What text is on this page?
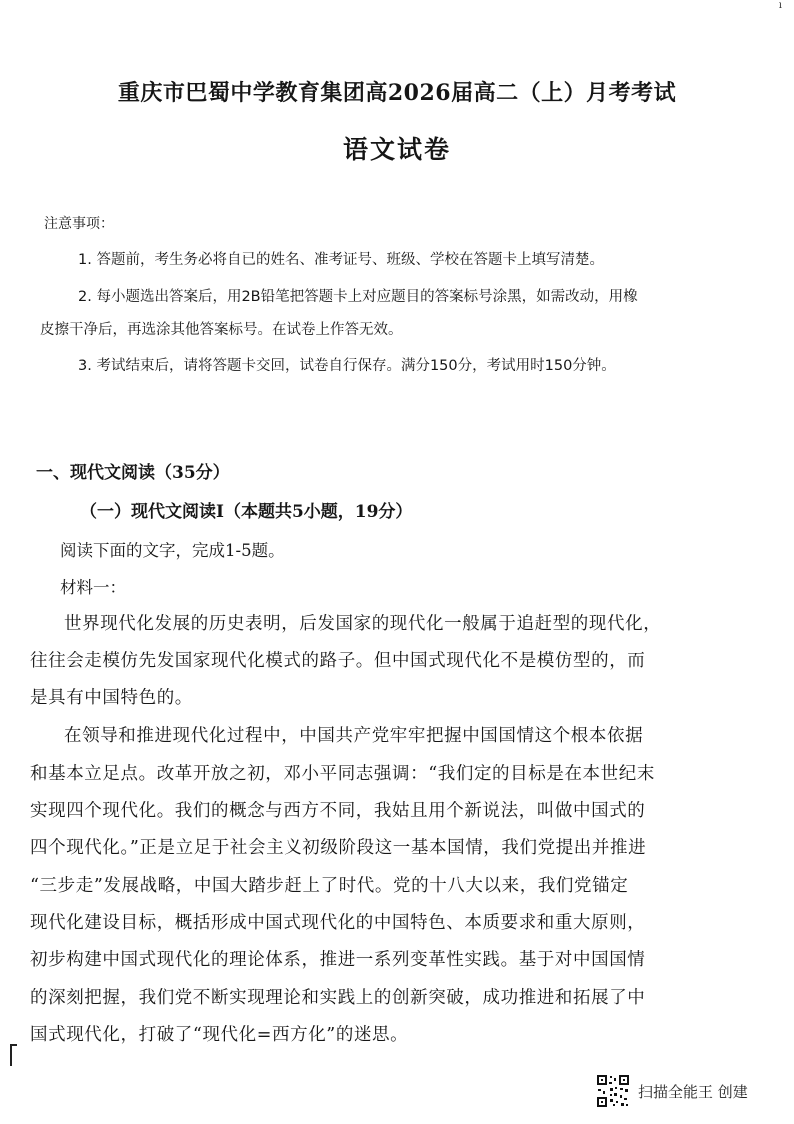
ı
重庆市巴蜀中学教育集团高2026届高二（上）月考考试
语文试卷
注意事项：
1. 答题前，考生务必将自已的姓名、准考证号、班级、学校在答题卡上填写清楚。
2. 每小题选出答案后，用2B铅笔把答题卡上对应题目的答案标号涂黑，如需改动，用橡
皮擦干净后，再选涂其他答案标号。在试卷上作答无效。
3. 考试结束后，请将答题卡交回，试卷自行保存。满分150分，考试用时150分钟。
一、现代文阅读（35分）
（一）现代文阅读Ⅰ（本题共5小题，19分）
阅读下面的文字，完成1-5题。
材料一：
世界现代化发展的历史表明，后发国家的现代化一般属于追赶型的现代化，
往往会走模仿先发国家现代化模式的路子。但中国式现代化不是模仿型的，而
是具有中国特色的。
在领导和推进现代化过程中，中国共产党牢牢把握中国国情这个根本依据
和基本立足点。改革开放之初，邓小平同志强调：“我们定的目标是在本世纪末
实现四个现代化。我们的概念与西方不同，我姑且用个新说法，叫做中国式的
四个现代化。”正是立足于社会主义初级阶段这一基本国情，我们党提出并推进
“三步走”发展战略，中国大踏步赶上了时代。党的十八大以来，我们党锚定
现代化建设目标，概括形成中国式现代化的中国特色、本质要求和重大原则，
初步构建中国式现代化的理论体系，推进一系列变革性实践。基于对中国国情
的深刻把握，我们党不断实现理论和实践上的创新突破，成功推进和拓展了中
国式现代化，打破了“现代化=西方化”的迷思。
扫描全能王 创建
